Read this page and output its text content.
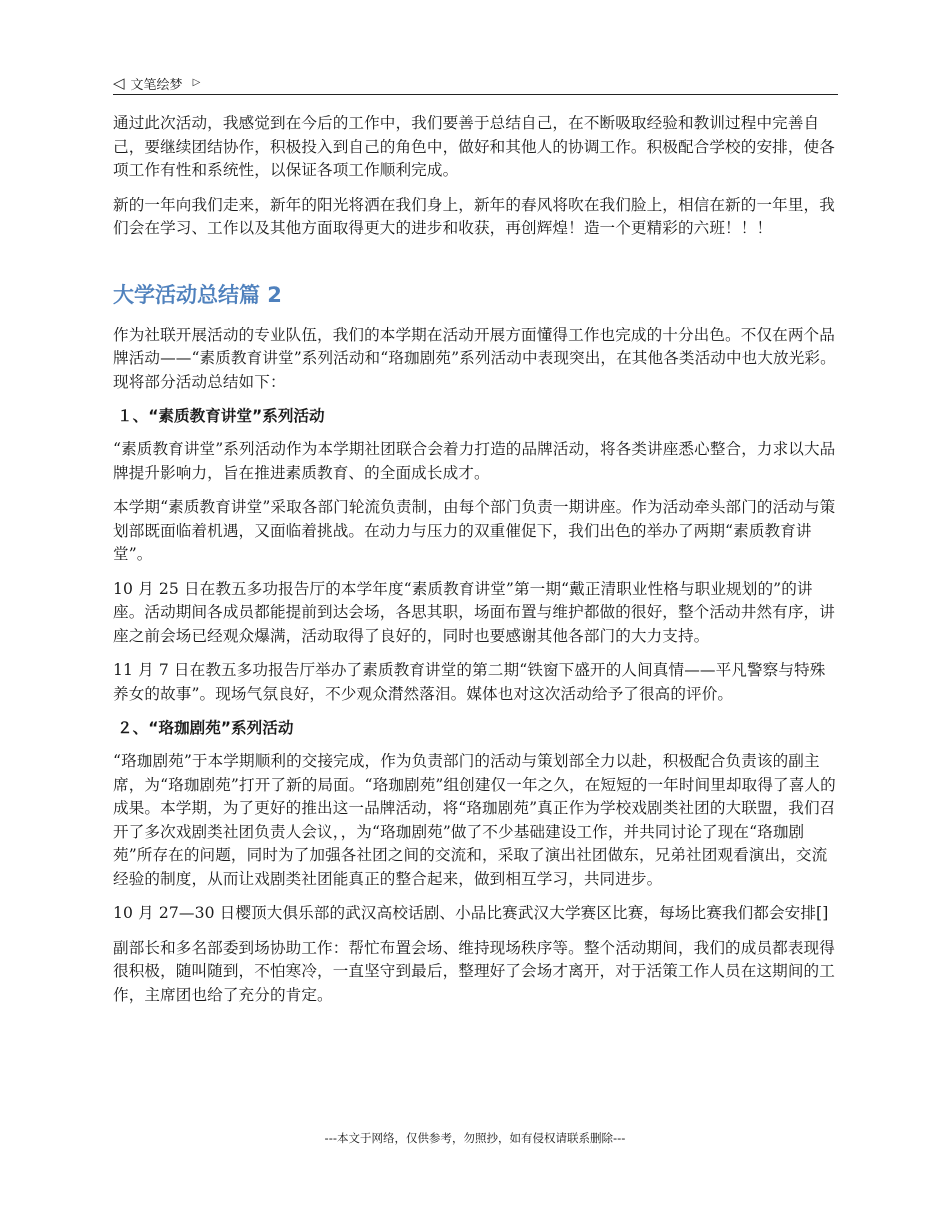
◁ 文笔绘梦 ▷

通过此次活动，我感觉到在今后的工作中，我们要善于总结自己，在不断吸取经验和教训过程中完善自己，要继续团结协作，积极投入到自己的角色中，做好和其他人的协调工作。积极配合学校的安排，使各项工作有性和系统性，以保证各项工作顺利完成。

新的一年向我们走来，新年的阳光将洒在我们身上，新年的春风将吹在我们脸上，相信在新的一年里，我们会在学习、工作以及其他方面取得更大的进步和收获，再创辉煌！造一个更精彩的六班！！！

大学活动总结篇 2

作为社联开展活动的专业队伍，我们的本学期在活动开展方面懂得工作也完成的十分出色。不仅在两个品牌活动——“素质教育讲堂”系列活动和“珞珈剧苑”系列活动中表现突出，在其他各类活动中也大放光彩。现将部分活动总结如下：

１、“素质教育讲堂”系列活动

“素质教育讲堂”系列活动作为本学期社团联合会着力打造的品牌活动，将各类讲座悉心整合，力求以大品牌提升影响力，旨在推进素质教育、的全面成长成才。

本学期“素质教育讲堂”采取各部门轮流负责制，由每个部门负责一期讲座。作为活动牵头部门的活动与策划部既面临着机遇，又面临着挑战。在动力与压力的双重催促下，我们出色的举办了两期“素质教育讲堂”。

10 月 25 日在教五多功报告厅的本学年度“素质教育讲堂”第一期“戴正清职业性格与职业规划的”的讲座。活动期间各成员都能提前到达会场，各思其职，场面布置与维护都做的很好，整个活动井然有序，讲座之前会场已经观众爆满，活动取得了良好的，同时也要感谢其他各部门的大力支持。

11 月 7 日在教五多功报告厅举办了素质教育讲堂的第二期“铁窗下盛开的人间真情——平凡警察与特殊养女的故事”。现场气氛良好，不少观众潸然落泪。媒体也对这次活动给予了很高的评价。

２、“珞珈剧苑”系列活动

“珞珈剧苑”于本学期顺利的交接完成，作为负责部门的活动与策划部全力以赴，积极配合负责该的副主席，为“珞珈剧苑”打开了新的局面。“珞珈剧苑”组创建仅一年之久，在短短的一年时间里却取得了喜人的成果。本学期，为了更好的推出这一品牌活动，将“珞珈剧苑”真正作为学校戏剧类社团的大联盟，我们召开了多次戏剧类社团负责人会议，，为“珞珈剧苑”做了不少基础建设工作，并共同讨论了现在“珞珈剧苑”所存在的问题，同时为了加强各社团之间的交流和，采取了演出社团做东，兄弟社团观看演出，交流经验的制度，从而让戏剧类社团能真正的整合起来，做到相互学习，共同进步。

10 月 27—30 日樱顶大俱乐部的武汉高校话剧、小品比赛武汉大学赛区比赛，每场比赛我们都会安排[]

副部长和多名部委到场协助工作：帮忙布置会场、维持现场秩序等。整个活动期间，我们的成员都表现得很积极，随叫随到，不怕寒冷，一直坚守到最后，整理好了会场才离开，对于活策工作人员在这期间的工作，主席团也给了充分的肯定。

---本文于网络，仅供参考，勿照抄，如有侵权请联系删除---
